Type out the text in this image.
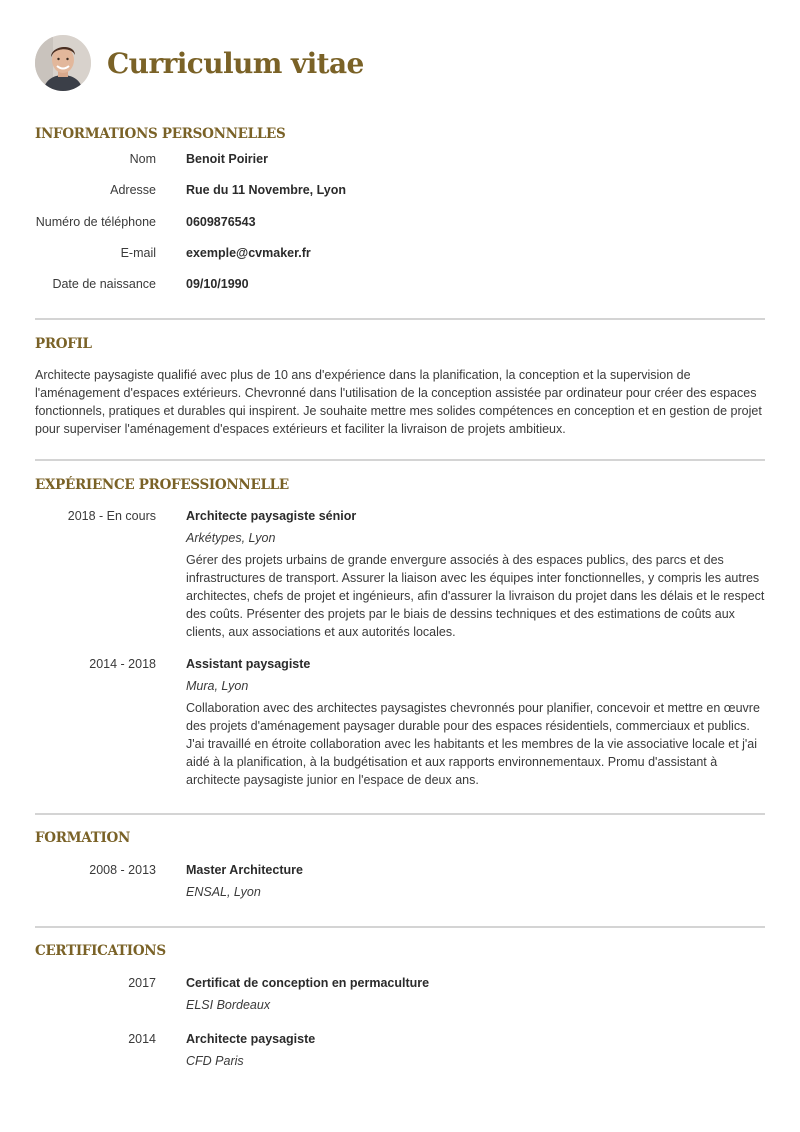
Curriculum vitae
INFORMATIONS PERSONNELLES
Nom Benoit Poirier
Adresse Rue du 11 Novembre, Lyon
Numéro de téléphone 0609876543
E-mail exemple@cvmaker.fr
Date de naissance 09/10/1990
PROFIL
Architecte paysagiste qualifié avec plus de 10 ans d'expérience dans la planification, la conception et la supervision de l'aménagement d'espaces extérieurs. Chevronné dans l'utilisation de la conception assistée par ordinateur pour créer des espaces fonctionnels, pratiques et durables qui inspirent. Je souhaite mettre mes solides compétences en conception et en gestion de projet pour superviser l'aménagement d'espaces extérieurs et faciliter la livraison de projets ambitieux.
EXPÉRIENCE PROFESSIONNELLE
2018 - En cours Architecte paysagiste sénior
Arkétypes, Lyon
Gérer des projets urbains de grande envergure associés à des espaces publics, des parcs et des infrastructures de transport. Assurer la liaison avec les équipes inter fonctionnelles, y compris les autres architectes, chefs de projet et ingénieurs, afin d'assurer la livraison du projet dans les délais et le respect des coûts. Présenter des projets par le biais de dessins techniques et des estimations de coûts aux clients, aux associations et aux autorités locales.
2014 - 2018 Assistant paysagiste
Mura, Lyon
Collaboration avec des architectes paysagistes chevronnés pour planifier, concevoir et mettre en œuvre des projets d'aménagement paysager durable pour des espaces résidentiels, commerciaux et publics. J'ai travaillé en étroite collaboration avec les habitants et les membres de la vie associative locale et j'ai aidé à la planification, à la budgétisation et aux rapports environnementaux. Promu d'assistant à architecte paysagiste junior en l'espace de deux ans.
FORMATION
2008 - 2013 Master Architecture
ENSAL, Lyon
CERTIFICATIONS
2017 Certificat de conception en permaculture
ELSI Bordeaux
2014 Architecte paysagiste
CFD Paris
